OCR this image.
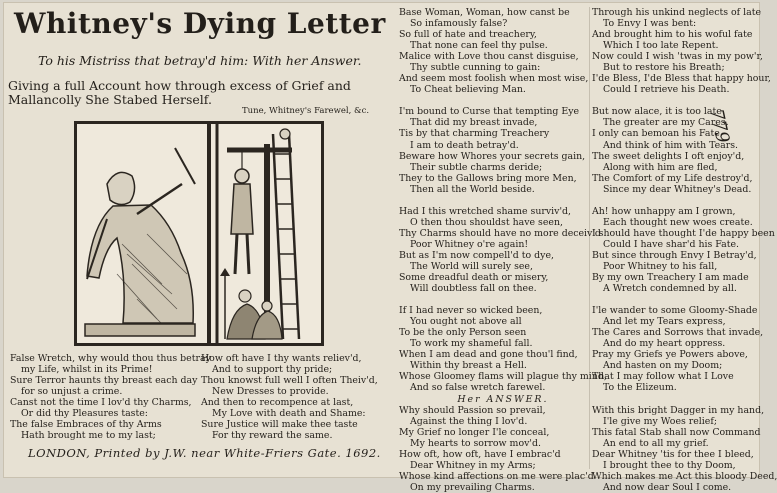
Whitney's Dying Letter
To his Mistriss that betray'd him: With her Answer.
Giving a full Account how through excess of Grief and Mallancolly She Stabed Herself.
Tune, Whitney's Farewel, &c.
False Wretch, why would thou thus betray
my Life, whilst in its Prime!
Sure Terror haunts thy breast each day
for so unjust a crime.
Canst not the time I lov'd thy Charms,
Or did thy Pleasures taste:
The false Embraces of thy Arms
Hath brought me to my last;
How oft have I thy wants reliev'd,
And to support thy pride;
Thou knowst full well I often Theiv'd,
New Dresses to provide.
And then to recompence at last,
My Love with death and Shame:
Sure Justice will make thee taste
For thy reward the same.
Base Woman, Woman, how canst be
So infamously false?
So full of hate and treachery,
That none can feel thy pulse.
Malice with Love thou canst disguise,
Thy subtle cunning to gain:
And seem most foolish when most wise,
To Cheat believing Man.
I'm bound to Curse that tempting Eye
That did my breast invade,
Tis by that charming Treachery
I am to death betray'd.
Beware how Whores your secrets gain,
Their subtle charms deride;
They to the Gallows bring more Men,
Then all the World beside.
Had I this wretched shame surviv'd,
O then thou shouldst have seen,
Thy Charms should have no more deceiv'd
Poor Whitney o're again!
But as I'm now compell'd to dye,
The World will surely see,
Some dreadful death or misery,
Will doubtless fall on thee.
If I had never so wicked been,
You ought not above all
To be the only Person seen
To work my shameful fall.
When I am dead and gone thou'l find,
Within thy breast a Hell.
Whose Gloomey flams will plague thy mind,
And so false wretch farewel.
Her ANSWER.
Why should Passion so prevail,
Against the thing I lov'd.
My Grief no longer I'le conceal,
My hearts to sorrow mov'd.
How oft, how oft, have I embrac'd
Dear Whitney in my Arms;
Whose kind affections on me were plac'd
On my prevailing Charms.
Through his unkind neglects of late
To Envy I was bent:
And brought him to his woful fate
Which I too late Repent.
Now could I wish 'twas in my pow'r,
But to restore his Breath;
I'de Bless, I'de Bless that happy hour,
Could I retrieve his Death.
But now alace, it is too late
The greater are my Cares.
I only can bemoan his Fate,
And think of him with Tears.
The sweet delights I oft enjoy'd,
Along with him are fled,
The Comfort of my Life destroy'd,
Since my dear Whitney's Dead.
Ah! how unhappy am I grown,
Each thought new woes create.
I should have thought I'de happy been
Could I have shar'd his Fate.
But since through Envy I Betray'd,
Poor Whitney to his fall,
By my own Treachery I am made
A Wretch condemned by all.
I'le wander to some Gloomy-Shade
And let my Tears express,
The Cares and Sorrows that invade,
And do my heart oppress.
Pray my Griefs ye Powers above,
And hasten on my Doom;
That I may follow what I Love
To the Elizeum.
With this bright Dagger in my hand,
I'le give my Woes relief;
This fatal Stab shall now Command
An end to all my grief.
Dear Whitney 'tis for thee I bleed,
I brought thee to thy Doom,
Which makes me Act this bloody Deed,
And now dear Soul I come.
779
LONDON, Printed by J.W. near White-Friers Gate. 1692.
